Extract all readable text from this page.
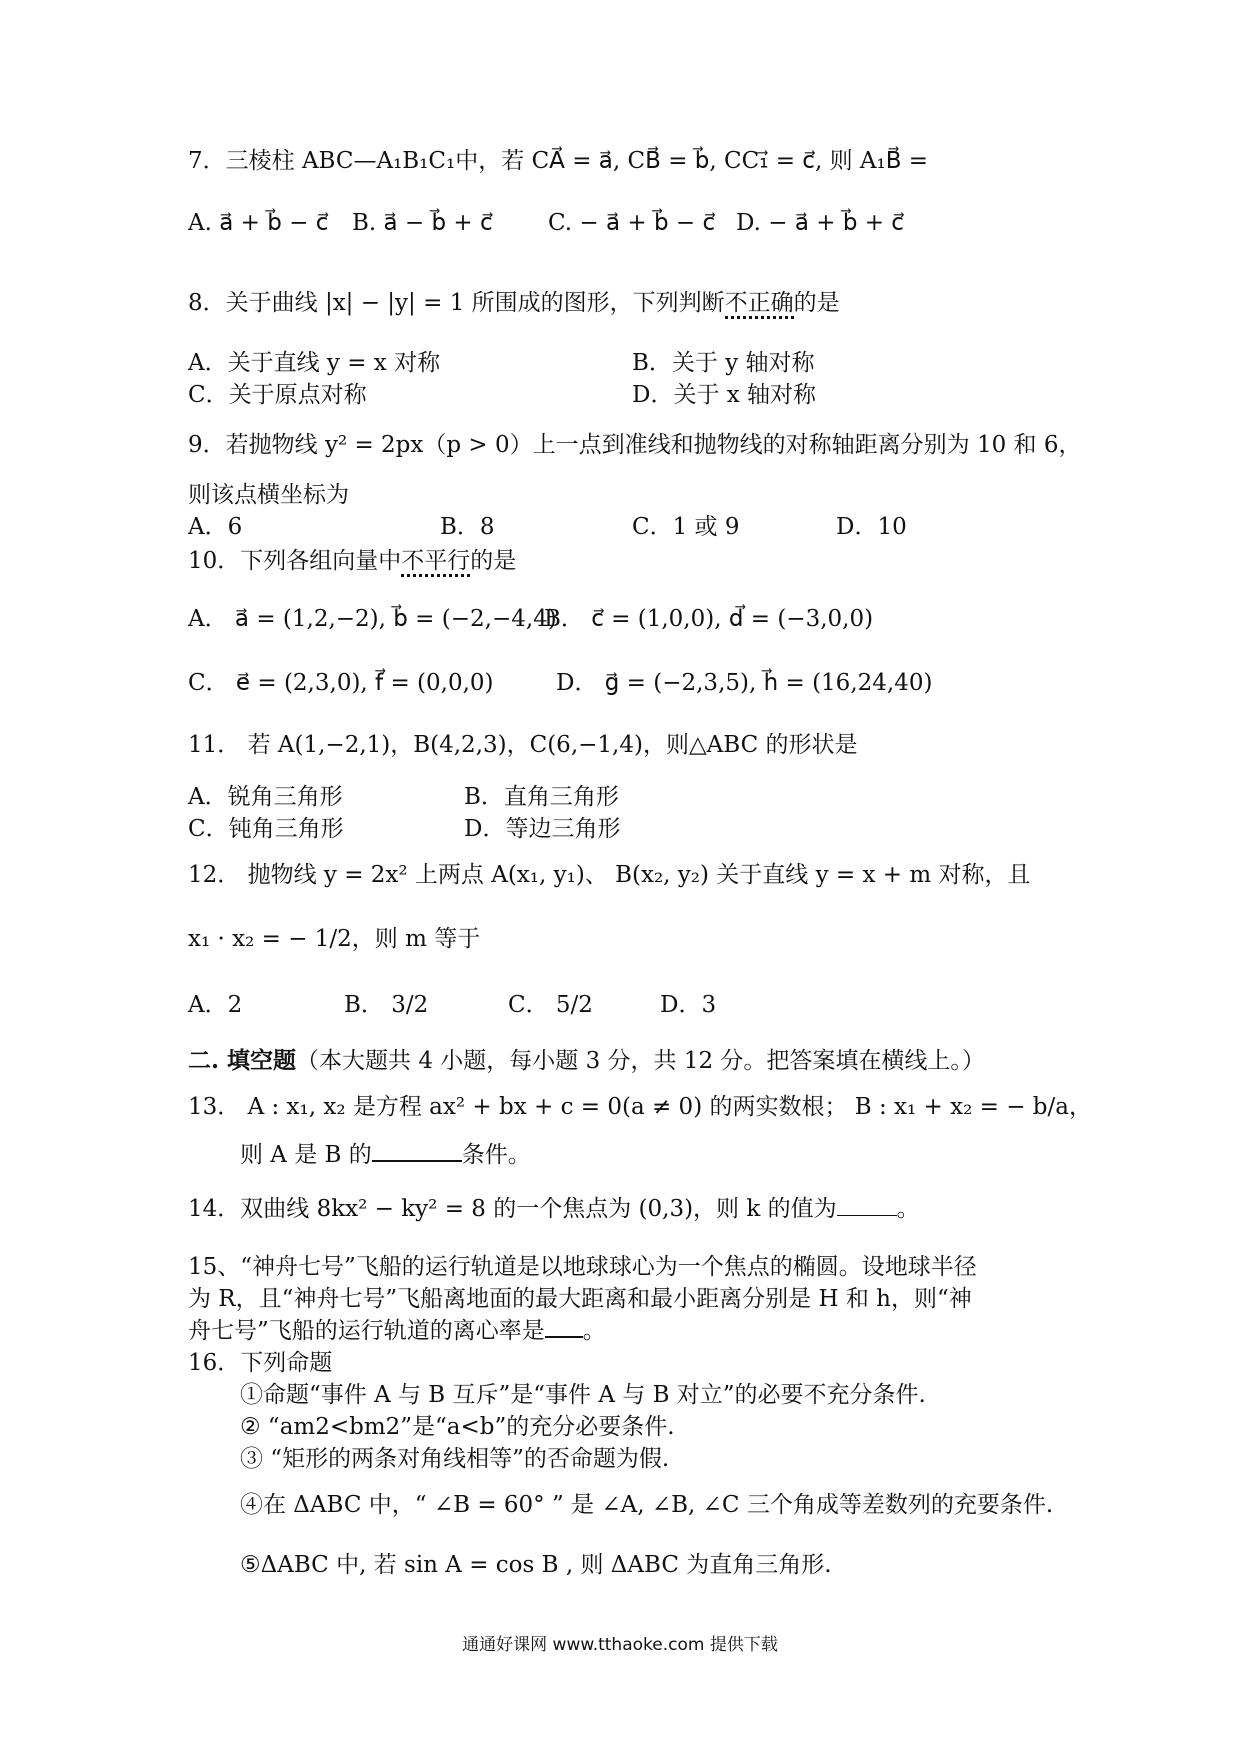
7．三棱柱 ABC—A₁B₁C₁中，若 CA⃗ = a⃗, CB⃗ = b⃗, CC₁⃗ = c⃗, 则 A₁B⃗ =
A. a⃗ + b⃗ − c⃗ B. a⃗ − b⃗ + c⃗ C. − a⃗ + b⃗ − c⃗ D. − a⃗ + b⃗ + c⃗
8．关于曲线 |x| − |y| = 1 所围成的图形，下列判断不正确的是
A．关于直线 y = x 对称	B．关于 y 轴对称
C．关于原点对称	D．关于 x 轴对称
9．若抛物线 y² = 2px（p > 0）上一点到准线和抛物线的对称轴距离分别为 10 和 6，
则该点横坐标为
A．6	B．8	C．1 或 9	D．10
10．下列各组向量中不平行的是
A． a⃗ = (1,2,−2), b⃗ = (−2,−4,4)
B． c⃗ = (1,0,0), d⃗ = (−3,0,0)
C． e⃗ = (2,3,0), f⃗ = (0,0,0)	D． g⃗ = (−2,3,5), h⃗ = (16,24,40)
11． 若 A(1,−2,1)，B(4,2,3)，C(6,−1,4)，则△ABC 的形状是
A．锐角三角形	B．直角三角形
C．钝角三角形	D．等边三角形
12． 抛物线 y = 2x² 上两点 A(x₁, y₁)、 B(x₂, y₂) 关于直线 y = x + m 对称，且
x₁ · x₂ = − 1/2，则 m 等于
A．2	B． 3/2	C． 5/2	D．3
二. 填空题（本大题共 4 小题，每小题 3 分，共 12 分。把答案填在横线上。）
13． A : x₁, x₂ 是方程 ax² + bx + c = 0(a ≠ 0) 的两实数根； B : x₁ + x₂ = − b/a，
则 A 是 B 的	条件。
14．双曲线 8kx² − ky² = 8 的一个焦点为 (0,3)，则 k 的值为	。
15、“神舟七号”飞船的运行轨道是以地球球心为一个焦点的椭圆。设地球半径
为 R，且“神舟七号”飞船离地面的最大距离和最小距离分别是 H 和 h，则“神
舟七号”飞船的运行轨道的离心率是 。
16．下列命题
①命题“事件 A 与 B 互斥”是“事件 A 与 B 对立”的必要不充分条件.
② “am2<bm2”是“a<b”的充分必要条件.
③ “矩形的两条对角线相等”的否命题为假.
④在 ΔABC 中，“ ∠B = 60° ” 是 ∠A, ∠B, ∠C 三个角成等差数列的充要条件.
⑤ΔABC 中, 若 sin A = cos B , 则 ΔABC 为直角三角形.
通通好课网 www.tthaoke.com 提供下载
